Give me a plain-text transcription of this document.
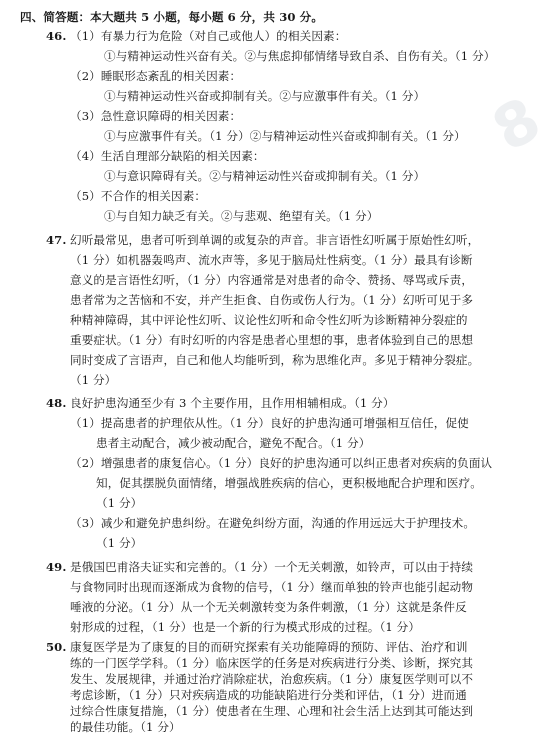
8
四、简答题：本大题共 5 小题，每小题 6 分，共 30 分。
46. （1）有暴力行为危险（对自己或他人）的相关因素：
①与精神运动性兴奋有关。②与焦虑抑郁情绪导致自杀、自伤有关。（1 分）
（2）睡眠形态紊乱的相关因素：
①与精神运动性兴奋或抑制有关。②与应激事件有关。（1 分）
（3）急性意识障碍的相关因素：
①与应激事件有关。（1 分）②与精神运动性兴奋或抑制有关。（1 分）
（4）生活自理部分缺陷的相关因素：
①与意识障碍有关。②与精神运动性兴奋或抑制有关。（1 分）
（5）不合作的相关因素：
①与自知力缺乏有关。②与悲观、绝望有关。（1 分）
47. 幻听最常见，患者可听到单调的或复杂的声音。非言语性幻听属于原始性幻听，
（1 分）如机器轰鸣声、流水声等，多见于脑局灶性病变。（1 分）最具有诊断
意义的是言语性幻听，（1 分）内容通常是对患者的命令、赞扬、辱骂或斥责，
患者常为之苦恼和不安，并产生拒食、自伤或伤人行为。（1 分）幻听可见于多
种精神障碍，其中评论性幻听、议论性幻听和命令性幻听为诊断精神分裂症的
重要症状。（1 分）有时幻听的内容是患者心里想的事，患者体验到自己的思想
同时变成了言语声，自己和他人均能听到，称为思维化声。多见于精神分裂症。
（1 分）
48. 良好护患沟通至少有 3 个主要作用，且作用相辅相成。（1 分）
（1）提高患者的护理依从性。（1 分）良好的护患沟通可增强相互信任，促使
患者主动配合，减少被动配合，避免不配合。（1 分）
（2）增强患者的康复信心。（1 分）良好的护患沟通可以纠正患者对疾病的负面认
知，促其摆脱负面情绪，增强战胜疾病的信心，更积极地配合护理和医疗。
（1 分）
（3）减少和避免护患纠纷。在避免纠纷方面，沟通的作用远远大于护理技术。
（1 分）
49. 是俄国巴甫洛夫证实和完善的。（1 分）一个无关刺激，如铃声，可以由于持续
与食物同时出现而逐渐成为食物的信号，（1 分）继而单独的铃声也能引起动物
唾液的分泌。（1 分）从一个无关刺激转变为条件刺激，（1 分）这就是条件反
射形成的过程，（1 分）也是一个新的行为模式形成的过程。（1 分）
50. 康复医学是为了康复的目的而研究探索有关功能障碍的预防、评估、治疗和训
练的一门医学学科。（1 分）临床医学的任务是对疾病进行分类、诊断，探究其
发生、发展规律，并通过治疗消除症状，治愈疾病。（1 分）康复医学则可以不
考虑诊断，（1 分）只对疾病造成的功能缺陷进行分类和评估，（1 分）进而通
过综合性康复措施，（1 分）使患者在生理、心理和社会生活上达到其可能达到
的最佳功能。（1 分）
